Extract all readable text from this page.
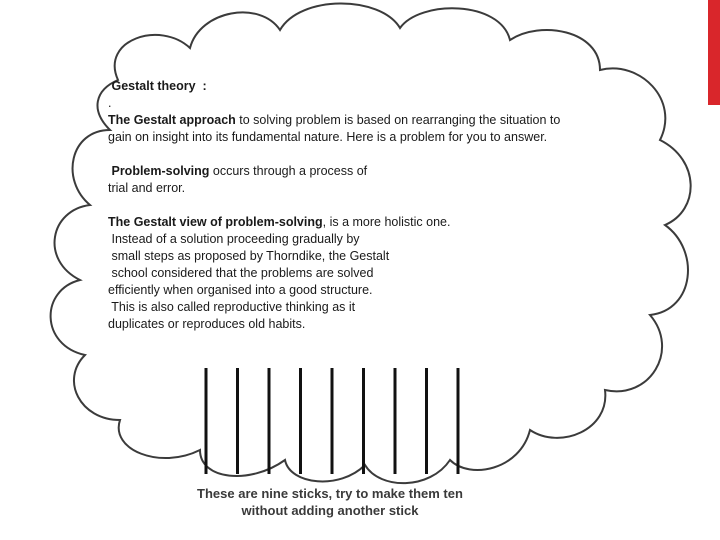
Gestalt theory  :
.
The Gestalt approach to solving problem is based on rearranging the situation to
gain on insight into its fundamental nature. Here is a problem for you to answer.
Problem-solving occurs through a process of
trial and error.
The Gestalt view of problem-solving, is a more holistic one.
Instead of a solution proceeding gradually by
small steps as proposed by Thorndike, the Gestalt
school considered that the problems are solved
efficiently when organised into a good structure.
This is also called reproductive thinking as it
duplicates or reproduces old habits.
These are nine sticks, try to make them ten
without adding another stick
